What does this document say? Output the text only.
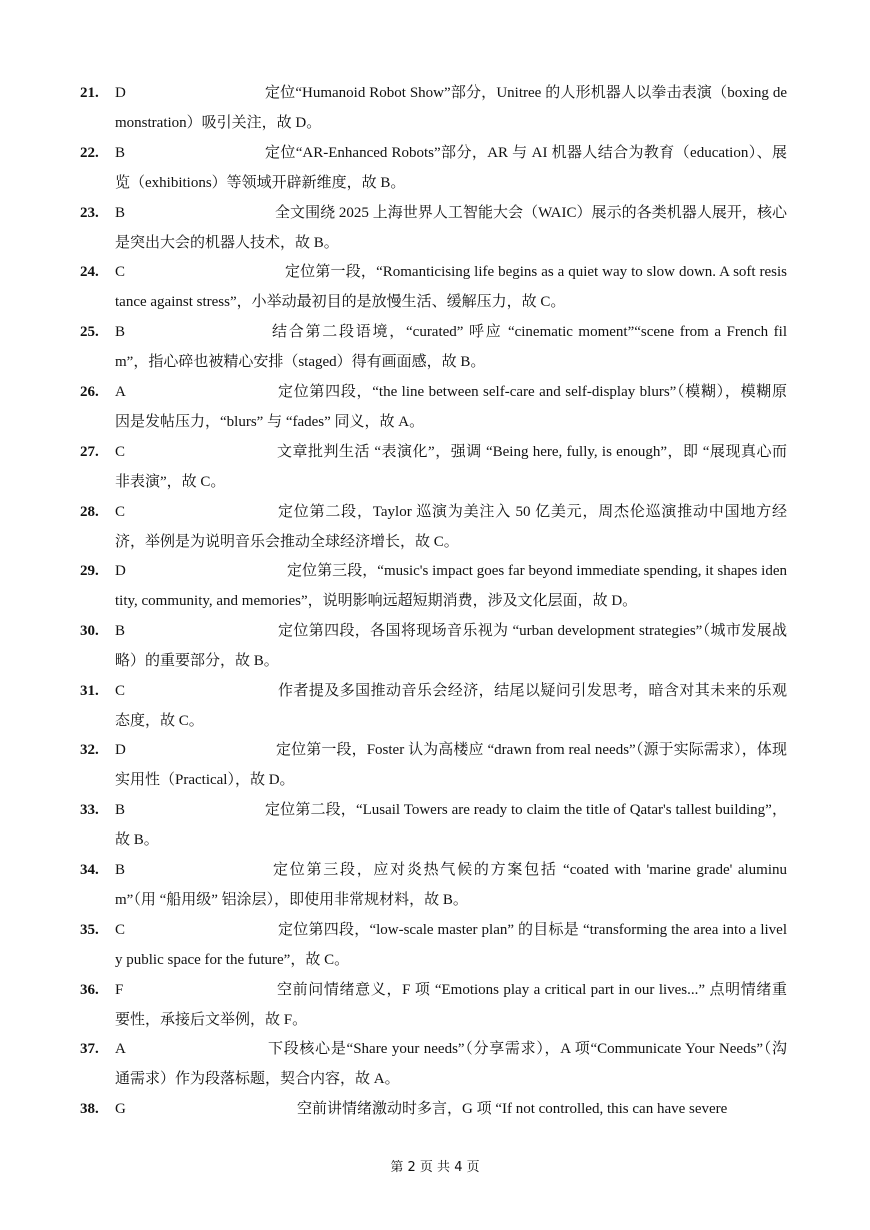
21. D	定位“Humanoid Robot Show”部分，Unitree 的人形机器人以拳击表演（boxing demonstration）吸引关注，故 D。
22. B	定位“AR-Enhanced Robots”部分，AR 与 AI 机器人结合为教育（education）、展览（exhibitions）等领域开辟新维度，故 B。
23. B	全文围绕 2025 上海世界人工智能大会（WAIC）展示的各类机器人展开，核心是突出大会的机器人技术，故 B。
24. C	定位第一段，“Romanticising life begins as a quiet way to slow down. A soft resistance against stress”，小举动最初目的是放慢生活、缓解压力，故 C。
25. B	结合第二段语境，“curated” 呼应 “cinematic moment”“scene from a French film”，指心碎也被精心安排（staged）得有画面感，故 B。
26. A	定位第四段，“the line between self-care and self-display blurs”（模糊），模糊原因是发帖压力，“blurs” 与 “fades” 同义，故 A。
27. C	文章批判生活 “表演化”，强调 “Being here, fully, is enough”，即 “展现真心而非表演”，故 C。
28. C	定位第二段，Taylor 巡演为美注入 50 亿美元，周杰伦巡演推动中国地方经济，举例是为说明音乐会推动全球经济增长，故 C。
29. D	定位第三段，“music's impact goes far beyond immediate spending, it shapes identity, community, and memories”，说明影响远超短期消费，涉及文化层面，故 D。
30. B	定位第四段，各国将现场音乐视为 “urban development strategies”（城市发展战略）的重要部分，故 B。
31. C	作者提及多国推动音乐会经济，结尾以疑问引发思考，暗含对其未来的乐观态度，故 C。
32. D	定位第一段，Foster 认为高楼应 “drawn from real needs”（源于实际需求），体现实用性（Practical），故 D。
33. B	定位第二段，“Lusail Towers are ready to claim the title of Qatar's tallest building”，故 B。
34. B	定位第三段，应对炎热气候的方案包括 “coated with 'marine grade' aluminum”（用 “船用级” 铝涂层），即使用非常规材料，故 B。
35. C	定位第四段，“low-scale master plan” 的目标是 “transforming the area into a lively public space for the future”，故 C。
36. F	空前问情绪意义，F 项 “Emotions play a critical part in our lives...” 点明情绪重要性，承接后文举例，故 F。
37. A	下段核心是“Share your needs”（分享需求），A 项“Communicate Your Needs”（沟通需求）作为段落标题，契合内容，故 A。
38. G	空前讲情绪激动时多言，G 项 “If not controlled, this can have severe
第 2 页 共 4 页
